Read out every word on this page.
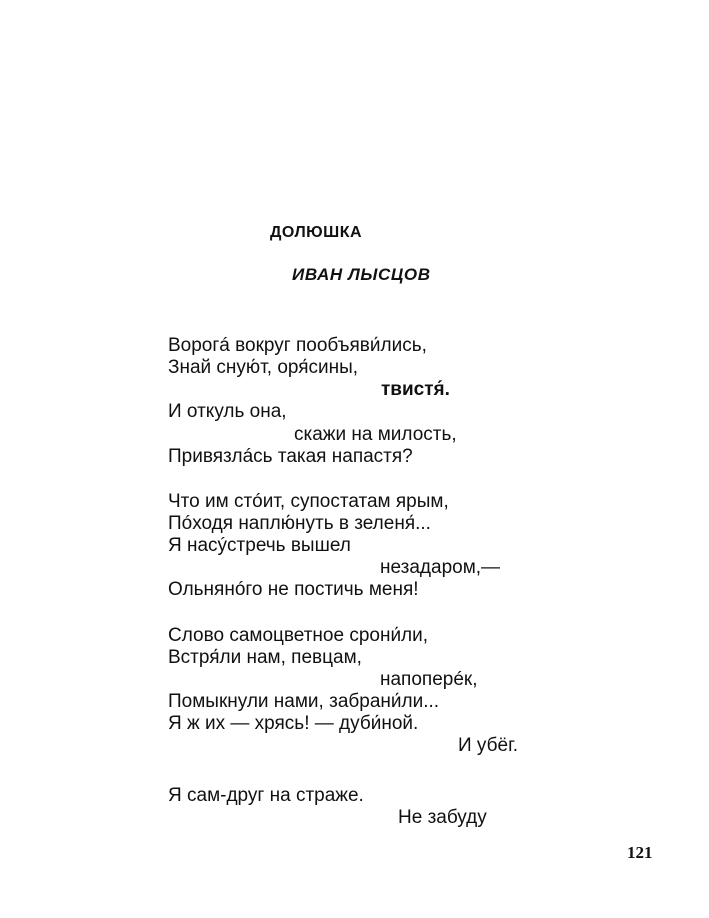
ДОЛЮШКА
ИВАН ЛЫСЦОВ

Ворогá вокруг пообъяви́лись,

Знай сную́т, оря́сины,

твистя́.

И откуль она,

скажи на милость,

Привязлáсь такая напастя?

Что им стóит, супостатам ярым,

Пóходя наплю́нуть в зеленя́...

Я насýстречь вышел

незадаром,—

Ольнянóго не постичь меня!

Слово самоцветное срони́ли,

Встря́ли нам, певцам,

напоперéк,

Помыкнули нами, забрани́ли...

Я ж их — хрясь! — дуби́ной.

И убёг.

Я сам-друг на страже.

Не забуду

121
